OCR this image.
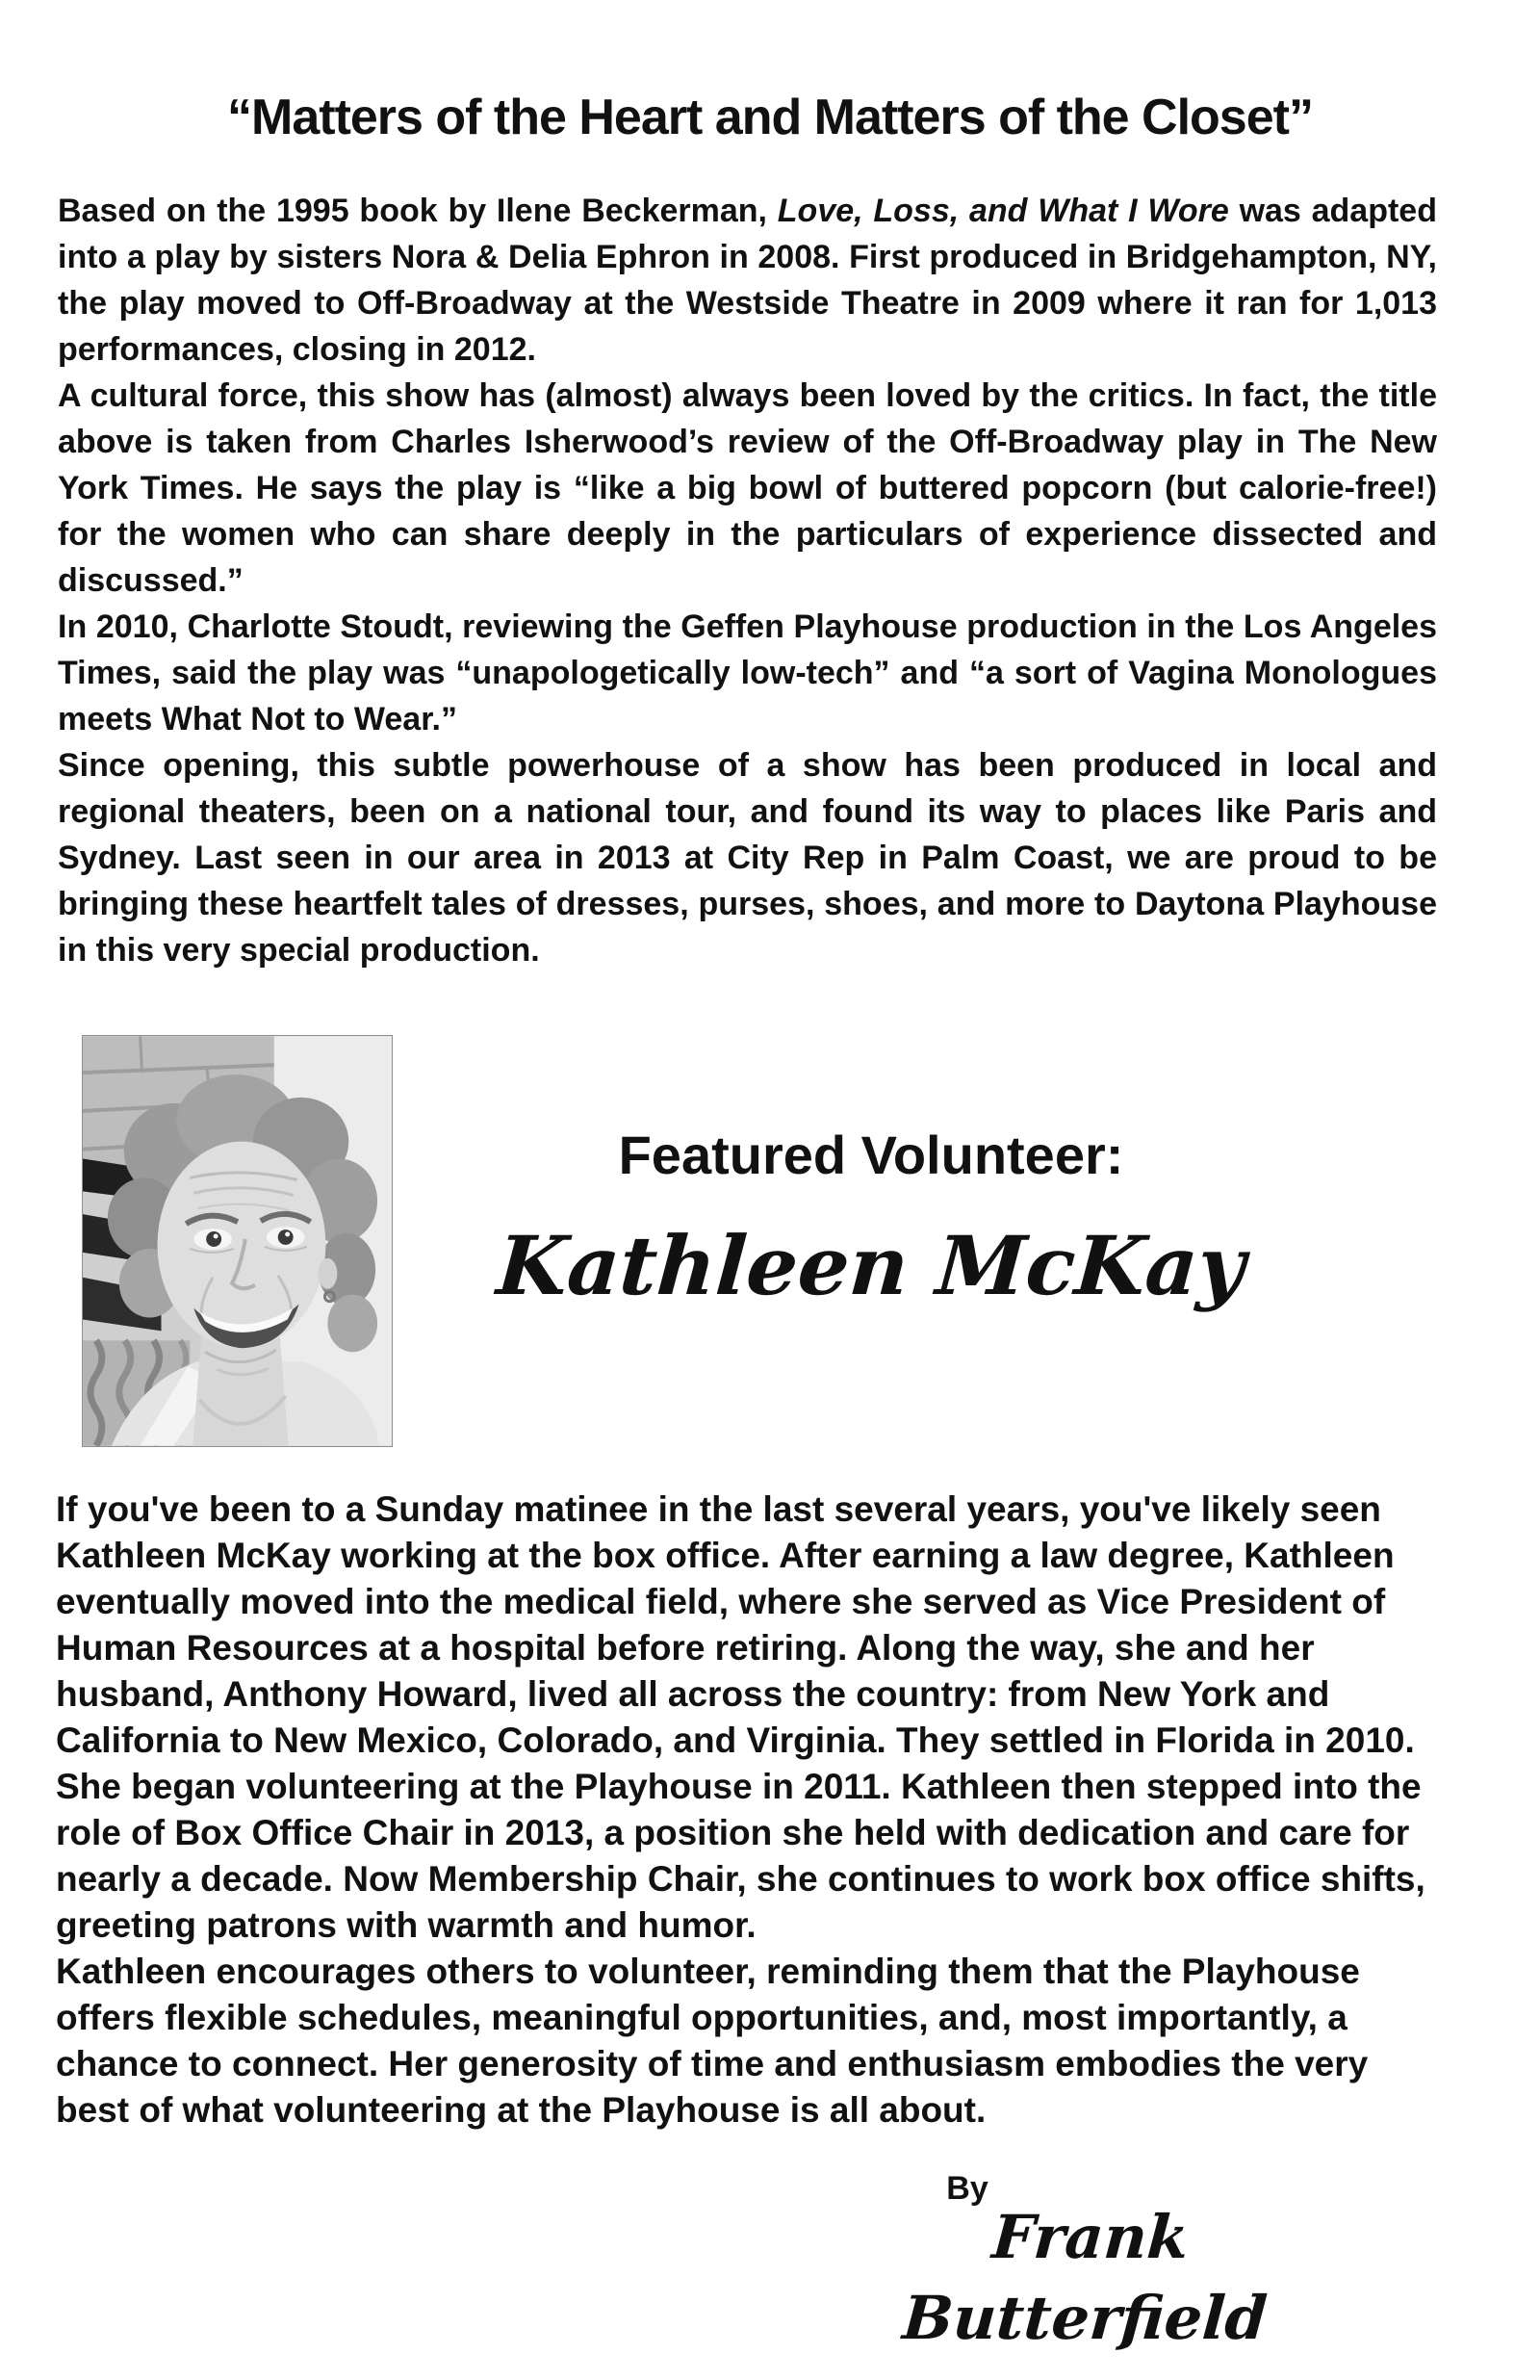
“Matters of the Heart and Matters of the Closet”

Based on the 1995 book by Ilene Beckerman, Love, Loss, and What I Wore was adapted into a play by sisters Nora & Delia Ephron in 2008. First produced in Bridgehampton, NY, the play moved to Off-Broadway at the Westside Theatre in 2009 where it ran for 1,013 performances, closing in 2012.

A cultural force, this show has (almost) always been loved by the critics. In fact, the title above is taken from Charles Isherwood’s review of the Off-Broadway play in The New York Times. He says the play is “like a big bowl of buttered popcorn (but calorie-free!) for the women who can share deeply in the particulars of experience dissected and discussed.”

In 2010, Charlotte Stoudt, reviewing the Geffen Playhouse production in the Los Angeles Times, said the play was “unapologetically low-tech” and “a sort of Vagina Monologues meets What Not to Wear.”

Since opening, this subtle powerhouse of a show has been produced in local and regional theaters, been on a national tour, and found its way to places like Paris and Sydney. Last seen in our area in 2013 at City Rep in Palm Coast, we are proud to be bringing these heartfelt tales of dresses, purses, shoes, and more to Daytona Playhouse in this very special production.

Featured Volunteer:
Kathleen McKay

If you've been to a Sunday matinee in the last several years, you've likely seen Kathleen McKay working at the box office. After earning a law degree, Kathleen eventually moved into the medical field, where she served as Vice President of Human Resources at a hospital before retiring. Along the way, she and her husband, Anthony Howard, lived all across the country: from New York and California to New Mexico, Colorado, and Virginia. They settled in Florida in 2010. She began volunteering at the Playhouse in 2011. Kathleen then stepped into the role of Box Office Chair in 2013, a position she held with dedication and care for nearly a decade. Now Membership Chair, she continues to work box office shifts, greeting patrons with warmth and humor.

Kathleen encourages others to volunteer, reminding them that the Playhouse offers flexible schedules, meaningful opportunities, and, most importantly, a chance to connect. Her generosity of time and enthusiasm embodies the very best of what volunteering at the Playhouse is all about.

By

Frank Butterfield
